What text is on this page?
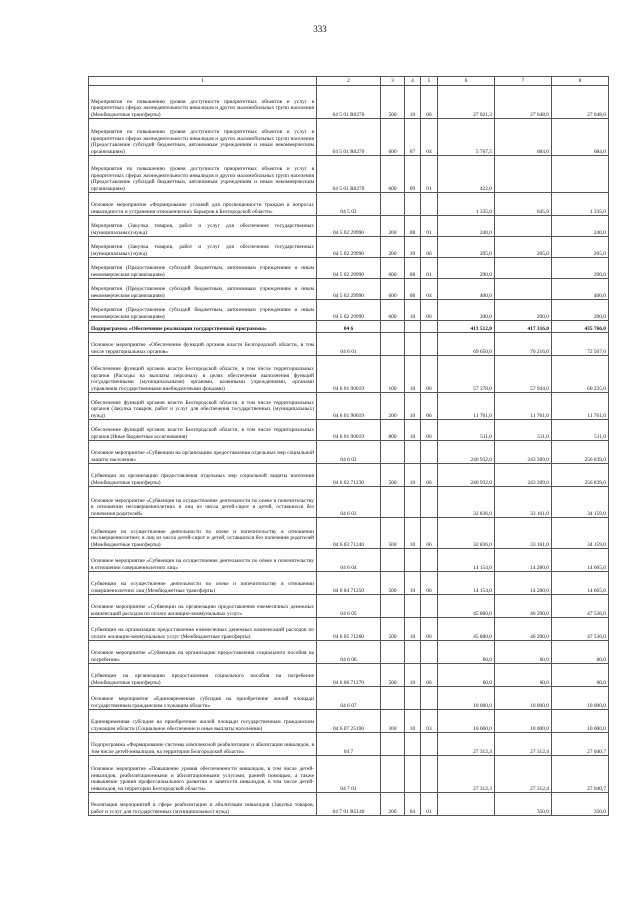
333
1	2	3	4	5	6	7	8
Мероприятия по повышению уровня доступности приоритетных объектов и услуг в приоритетных сферах жизнедеятельности инвалидов и других маломобильных групп населения (Межбюджетные трансферты)	04 5 01 R0270	500	10	06	27 021,3	27 648,0	27 648,0
Мероприятия по повышению уровня доступности приоритетных объектов и услуг в приоритетных сферах жизнедеятельности инвалидов и других маломобильных групп населения (Предоставление субсидий бюджетным, автономным учреждениям и иным некоммерческим организациям)	04 5 01 R0270	600	07	04	5 767,5	684,0	684,0
Мероприятия по повышению уровня доступности приоритетных объектов и услуг в приоритетных сферах жизнедеятельности инвалидов и других маломобильных групп населения (Предоставление субсидий бюджетным, автономным учреждениям и иным некоммерческим организациям)	04 5 01 R0270	600	09	01	422,0		
Основное мероприятие «Формирование условий для просвещенности граждан в вопросах инвалидности и устранения отношенческих барьеров в Белгородской области»	04 5 02				1 335,0	645,0	1 335,0
Мероприятия (Закупка товаров, работ и услуг для обеспечения государственных (муниципальных) нужд)	04 5 02 29990	200	08	01	240,0		240,0
Мероприятия (Закупка товаров, работ и услуг для обеспечения государственных (муниципальных) нужд)	04 5 02 29990	200	10	06	205,0	205,0	205,0
Мероприятия (Предоставление субсидий бюджетным, автономным учреждениям и иным некоммерческим организациям)	04 5 02 29990	600	08	01	290,0		290,0
Мероприятия (Предоставление субсидий бюджетным, автономным учреждениям и иным некоммерческим организациям)	04 5 02 29990	600	08	04	400,0		400,0
Мероприятия (Предоставление субсидий бюджетным, автономным учреждениям и иным некоммерческим организациям)	04 5 02 29990	600	10	06	200,0	200,0	200,0
Подпрограмма «Обеспечение реализации государственной программы»	04 6				413 512,0	417 316,0	435 766,0
Основное мероприятие «Обеспечение функций органов власти Белгородской области, в том числе территориальных органов»	04 6 01				69 650,0	70 216,0	72 507,0
Обеспечение функций органов власти Белгородской области, в том числе территориальных органов (Расходы на выплаты персоналу в целях обеспечения выполнения функций государственными (муниципальными) органами, казенными учреждениями, органами управления государственными внебюджетными фондами)	04 6 01 90019	100	10	06	57 378,0	57 944,0	60 235,0
Обеспечение функций органов власти Белгородской области, в том числе территориальных органов (Закупка товаров, работ и услуг для обеспечения государственных (муниципальных) нужд)	04 6 01 90019	200	10	06	11 761,0	11 761,0	11 761,0
Обеспечение функций органов власти Белгородской области, в том числе территориальных органов (Иные бюджетные ассигнования)	04 6 01 90019	800	10	06	511,0	511,0	511,0
Основное мероприятие «Субвенции на организацию предоставления отдельных мер социальной защиты населения»	04 6 02				240 932,0	243 309,0	256 839,0
Субвенции на организацию предоставления отдельных мер социальной защиты населения (Межбюджетные трансферты)	04 6 02 71230	500	10	06	240 932,0	243 309,0	256 839,0
Основное мероприятие «Субвенции на осуществление деятельности по опеке и попечительству в отношении несовершеннолетних и лиц из числа детей-сирот и детей, оставшихся без попечения родителей»	04 6 03				32 836,0	33 161,0	34 159,0
Субвенции на осуществление деятельности по опеке и попечительству в отношении несовершеннолетних и лиц из числа детей-сирот и детей, оставшихся без попечения родителей (Межбюджетные трансферты)	04 6 03 71240	500	10	06	32 836,0	33 161,0	34 159,0
Основное мероприятие «Субвенции на осуществление деятельности по опеке и попечительству в отношении совершеннолетних лиц»	04 6 04				14 154,0	14 280,0	14 665,0
Субвенции на осуществление деятельности по опеке и попечительству в отношении совершеннолетних лиц (Межбюджетные трансферты)	04 6 04 71250	500	10	06	14 154,0	14 280,0	14 665,0
Основное мероприятие «Субвенции на организацию предоставления ежемесячных денежных компенсаций расходов по оплате жилищно-коммунальных услуг»	04 6 05				45 880,0	46 290,0	47 536,0
Субвенции на организацию предоставления ежемесячных денежных компенсаций расходов по оплате жилищно-коммунальных услуг (Межбюджетные трансферты)	04 6 05 71260	500	10	06	45 880,0	46 290,0	47 536,0
Основное мероприятие «Субвенции на организацию предоставления социального пособия на погребение»	04 6 06				60,0	60,0	60,0
Субвенции на организацию предоставления социального пособия на погребение (Межбюджетные трансферты)	04 6 06 71270	500	10	06	60,0	60,0	60,0
Основное мероприятие «Единовременная субсидия на приобретение жилой площади государственным гражданским служащим области»	04 6 07				10 000,0	10 000,0	10 000,0
Единовременная субсидия на приобретение жилой площади государственным гражданским служащим области (Социальное обеспечение и иные выплаты населению)	04 6 07 25100	300	10	03	10 000,0	10 000,0	10 000,0
Подпрограмма «Формирование системы комплексной реабилитации и абилитации инвалидов, в том числе детей-инвалидов, на территории Белгородской области»	04 7				27 312,3	27 312,4	27 040,7
Основное мероприятие «Повышение уровня обеспеченности инвалидов, в том числе детей-инвалидов, реабилитационными и абилитационными услугами, ранней помощью, а также повышение уровня профессионального развития и занятости инвалидов, в том числе детей-инвалидов, на территории Белгородской области»	04 7 01				27 312,3	27 312,4	27 040,7
Реализация мероприятий в сфере реабилитации и абилитации инвалидов (Закупка товаров, работ и услуг для государственных (муниципальных) нужд)	04 7 01 R5140	200	04	01		350,0	350,0
